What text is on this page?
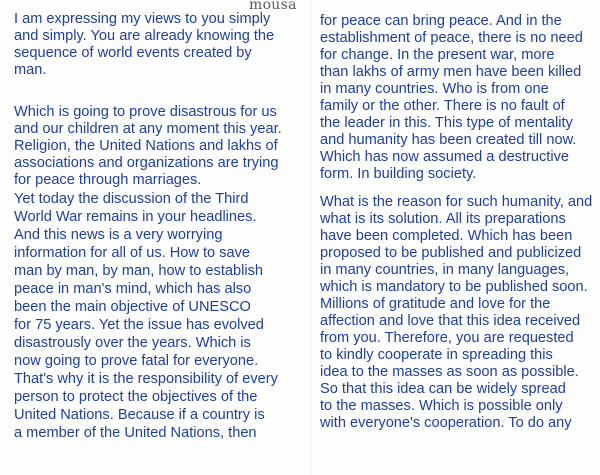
mousa
I am expressing my views to you simply
and simply. You are already knowing the
sequence of world events created by
man.
Which is going to prove disastrous for us
and our children at any moment this year.
Religion, the United Nations and lakhs of
associations and organizations are trying
for peace through marriages.
Yet today the discussion of the Third
World War remains in your headlines.
And this news is a very worrying
information for all of us. How to save
man by man, by man, how to establish
peace in man's mind, which has also
been the main objective of UNESCO
for 75 years. Yet the issue has evolved
disastrously over the years. Which is
now going to prove fatal for everyone.
That's why it is the responsibility of every
person to protect the objectives of the
United Nations. Because if a country is
a member of the United Nations, then
for peace can bring peace. And in the
establishment of peace, there is no need
for change. In the present war, more
than lakhs of army men have been killed
in many countries. Who is from one
family or the other. There is no fault of
the leader in this. This type of mentality
and humanity has been created till now.
Which has now assumed a destructive
form. In building society.
What is the reason for such humanity, and
what is its solution. All its preparations
have been completed. Which has been
proposed to be published and publicized
in many countries, in many languages,
which is mandatory to be published soon.
Millions of gratitude and love for the
affection and love that this idea received
from you. Therefore, you are requested
to kindly cooperate in spreading this
idea to the masses as soon as possible.
So that this idea can be widely spread
to the masses. Which is possible only
with everyone's cooperation. To do any
